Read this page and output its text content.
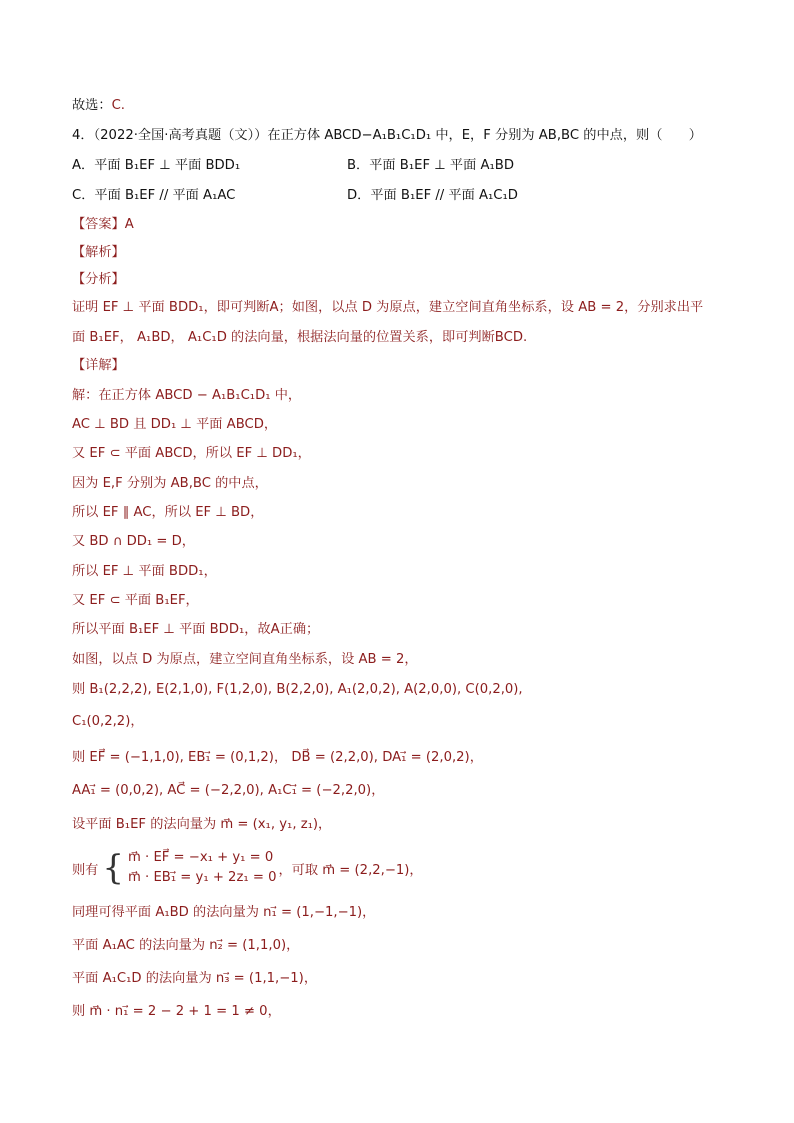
故选：C.
4．（2022·全国·高考真题（文））在正方体 ABCD−A₁B₁C₁D₁ 中，E，F 分别为 AB,BC 的中点，则（　　）
A．平面 B₁EF ⊥ 平面 BDD₁	B．平面 B₁EF ⊥ 平面 A₁BD
C．平面 B₁EF // 平面 A₁AC	D．平面 B₁EF // 平面 A₁C₁D
【答案】A
【解析】
【分析】
证明 EF ⊥ 平面 BDD₁，即可判断A；如图，以点 D 为原点，建立空间直角坐标系，设 AB = 2，分别求出平
面 B₁EF， A₁BD， A₁C₁D 的法向量，根据法向量的位置关系，即可判断BCD.
【详解】
解：在正方体 ABCD − A₁B₁C₁D₁ 中，
AC ⊥ BD 且 DD₁ ⊥ 平面 ABCD，
又 EF ⊂ 平面 ABCD，所以 EF ⊥ DD₁，
因为 E,F 分别为 AB,BC 的中点，
所以 EF ∥ AC，所以 EF ⊥ BD，
又 BD ∩ DD₁ = D，
所以 EF ⊥ 平面 BDD₁，
又 EF ⊂ 平面 B₁EF，
所以平面 B₁EF ⊥ 平面 BDD₁，故A正确；
如图，以点 D 为原点，建立空间直角坐标系，设 AB = 2，
则 B₁(2,2,2), E(2,1,0), F(1,2,0), B(2,2,0), A₁(2,0,2), A(2,0,0), C(0,2,0),
C₁(0,2,2)，
则 EF⃗ = (−1,1,0), EB₁⃗ = (0,1,2)， DB⃗ = (2,2,0), DA₁⃗ = (2,0,2)，
AA₁⃗ = (0,0,2), AC⃗ = (−2,2,0), A₁C₁⃗ = (−2,2,0)，
设平面 B₁EF 的法向量为 m⃗ = (x₁, y₁, z₁)，
则有 { m⃗ · EF⃗ = −x₁ + y₁ = 0
m⃗ · EB₁⃗ = y₁ + 2z₁ = 0 ，可取 m⃗ = (2,2,−1)，
同理可得平面 A₁BD 的法向量为 n₁⃗ = (1,−1,−1)，
平面 A₁AC 的法向量为 n₂⃗ = (1,1,0)，
平面 A₁C₁D 的法向量为 n₃⃗ = (1,1,−1)，
则 m⃗ · n₁⃗ = 2 − 2 + 1 = 1 ≠ 0，
